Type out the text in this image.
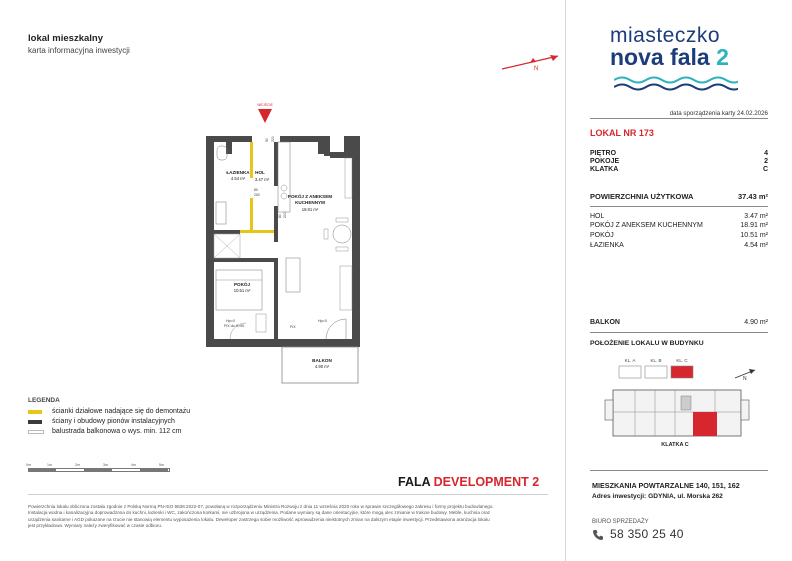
lokal mieszkalny
karta informacyjna inwestycji
N
miasteczko
nova fala 2
data sporządzenia karty 24.02.2026
LOKAL NR 173
PIĘTRO	4
POKOJE	2
KLATKA	C
POWIERZCHNIA UŻYTKOWA	37.43 m²
HOL	3.47 m²
POKÓJ Z ANEKSEM KUCHENNYM	18.91 m²
POKÓJ	10.51 m²
ŁAZIENKA	4.54 m²
BALKON	4.90 m²
POŁOŻENIE LOKALU W BUDYNKU
KL. A	KL. B	KL. C
N
KLATKA C
MIESZKANIA POWTARZALNE 140, 151, 162
Adres inwestycji: GDYNIA, ul. Morska 262
BIURO SPRZEDAŻY
58 350 25 40
WEJŚCIE
ŁAZIENKA
4.54 m²
HOL
3.47 m²
POKÓJ Z ANEKSEM
KUCHENNYM
18.91 m²
POKÓJ
10.51 m²
BALKON
4.90 m²
90 200
80
200
80 200
Hp=0
FIX do H=90	FIX
Hp=0
LEGENDA
ścianki działowe nadające się do demontażu
ściany i obudowy pionów instalacyjnych
balustrada balkonowa o wys. min. 112 cm
0m	1m	2m	3m	4m	5m
FALA DEVELOPMENT 2
Powierzchnia lokalu obliczona została zgodnie z Polską Normą PN-ISO 9836:2022-07, powołaną w rozporządzeniu Ministra Rozwoju z dnia 11 września 2020 roku w sprawie szczegółowego zakresu i formy projektu budowlanego. Instalacja wodna i kanalizacyjna doprowadzona do kuchni, łazienki i WC, zakończona korkami, nie uzbrojona w urządzenia. Podane wymiary są dane orientacyjne, które mogą ulec zmianie w trakcie budowy. Meble, kuchnia oraz urządzenia sanitarne i AGD pokazane na rzucie nie stanowią elementu wyposażenia lokalu. Deweloper zastrzega sobie możliwość wprowadzenia nieistotnych zmian na dalszym etapie inwestycji. Przedstawiona aranżacja lokalu jest przykładowa. Wymiary należy zweryfikować w czasie odbioru.
